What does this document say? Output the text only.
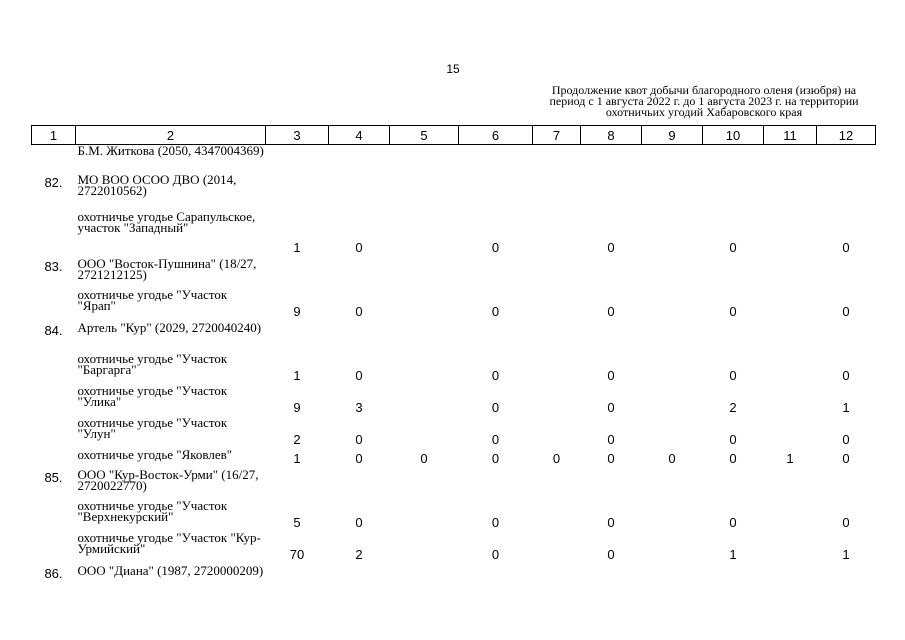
15
Продолжение квот добычи благородного оленя (изюбря) на период с 1 августа 2022 г. до 1 августа 2023 г. на территории охотничьих угодий Хабаровского края
1	2	3	4	5	6	7	8	9	10	11	12
	Б.М. Житкова (2050, 4347004369)										
82.	МО ВОО ОСОО ДВО (2014, 2722010562)										
	охотничье угодье Сарапульское, участок "Западный"	1	0		0		0		0		0
83.	ООО "Восток-Пушнина" (18/27, 2721212125)										
	охотничье угодье "Участок "Ярап"	9	0		0		0		0		0
84.	Артель "Кур" (2029, 2720040240)										
	охотничье угодье "Участок "Баргарга"	1	0		0		0		0		0
	охотничье угодье "Участок "Улика"	9	3		0		0		2		1
	охотничье угодье "Участок "Улун"	2	0		0		0		0		0
	охотничье угодье "Яковлев"	1	0	0	0	0	0	0	0	1	0
85.	ООО "Кур-Восток-Урми" (16/27, 2720022770)										
	охотничье угодье "Участок "Верхнекурский"	5	0		0		0		0		0
	охотничье угодье "Участок "Кур-Урмийский"	70	2		0		0		1		1
86.	ООО "Диана" (1987, 2720000209)										
